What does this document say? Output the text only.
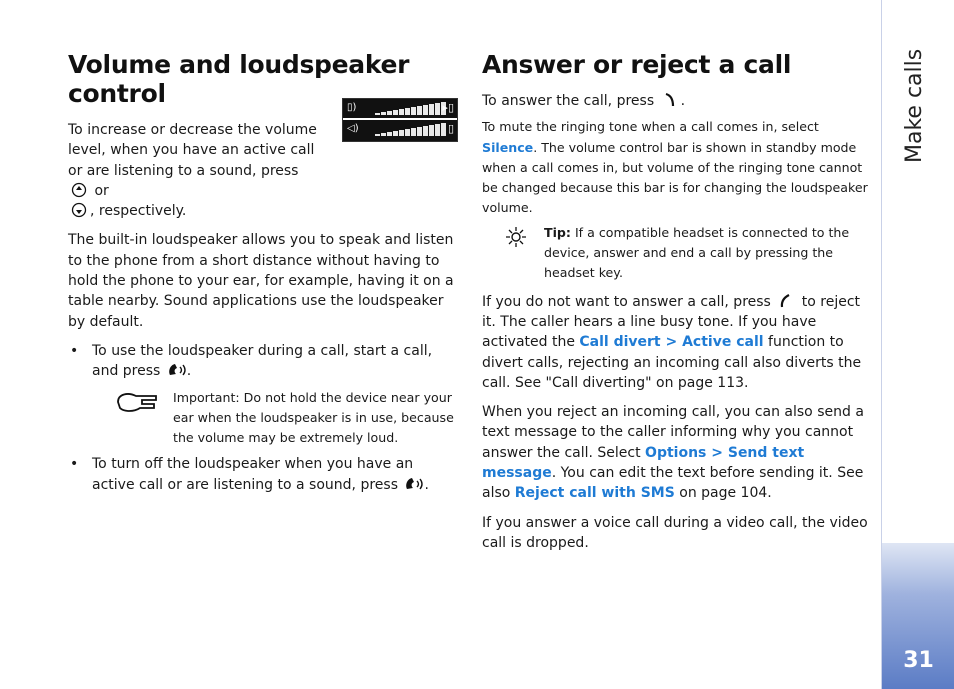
Volume and loudspeaker control	▯)	▸▯
◁)	▯

To increase or decrease the volume level, when you have an active call or are listening to a sound, press  or
, respectively.

The built-in loudspeaker allows you to speak and listen to the phone from a short distance without having to hold the phone to your ear, for example, having it on a table nearby. Sound applications use the loudspeaker by default.

• To use the loudspeaker during a call, start a call, and press .

Important: Do not hold the device near your ear when the loudspeaker is in use, because the volume may be extremely loud.

• To turn off the loudspeaker when you have an active call or are listening to a sound, press .
Answer or reject a call

To answer the call, press .

To mute the ringing tone when a call comes in, select Silence. The volume control bar is shown in standby mode when a call comes in, but volume of the ringing tone cannot be changed because this bar is for changing the loudspeaker volume.

Tip: If a compatible headset is connected to the device, answer and end a call by pressing the headset key.

If you do not want to answer a call, press  to reject it. The caller hears a line busy tone. If you have activated the Call divert > Active call function to divert calls, rejecting an incoming call also diverts the call. See "Call diverting" on page 113.

When you reject an incoming call, you can also send a text message to the caller informing why you cannot answer the call. Select Options > Send text message. You can edit the text before sending it. See also Reject call with SMS on page 104.

If you answer a voice call during a video call, the video call is dropped.

Make calls
31
